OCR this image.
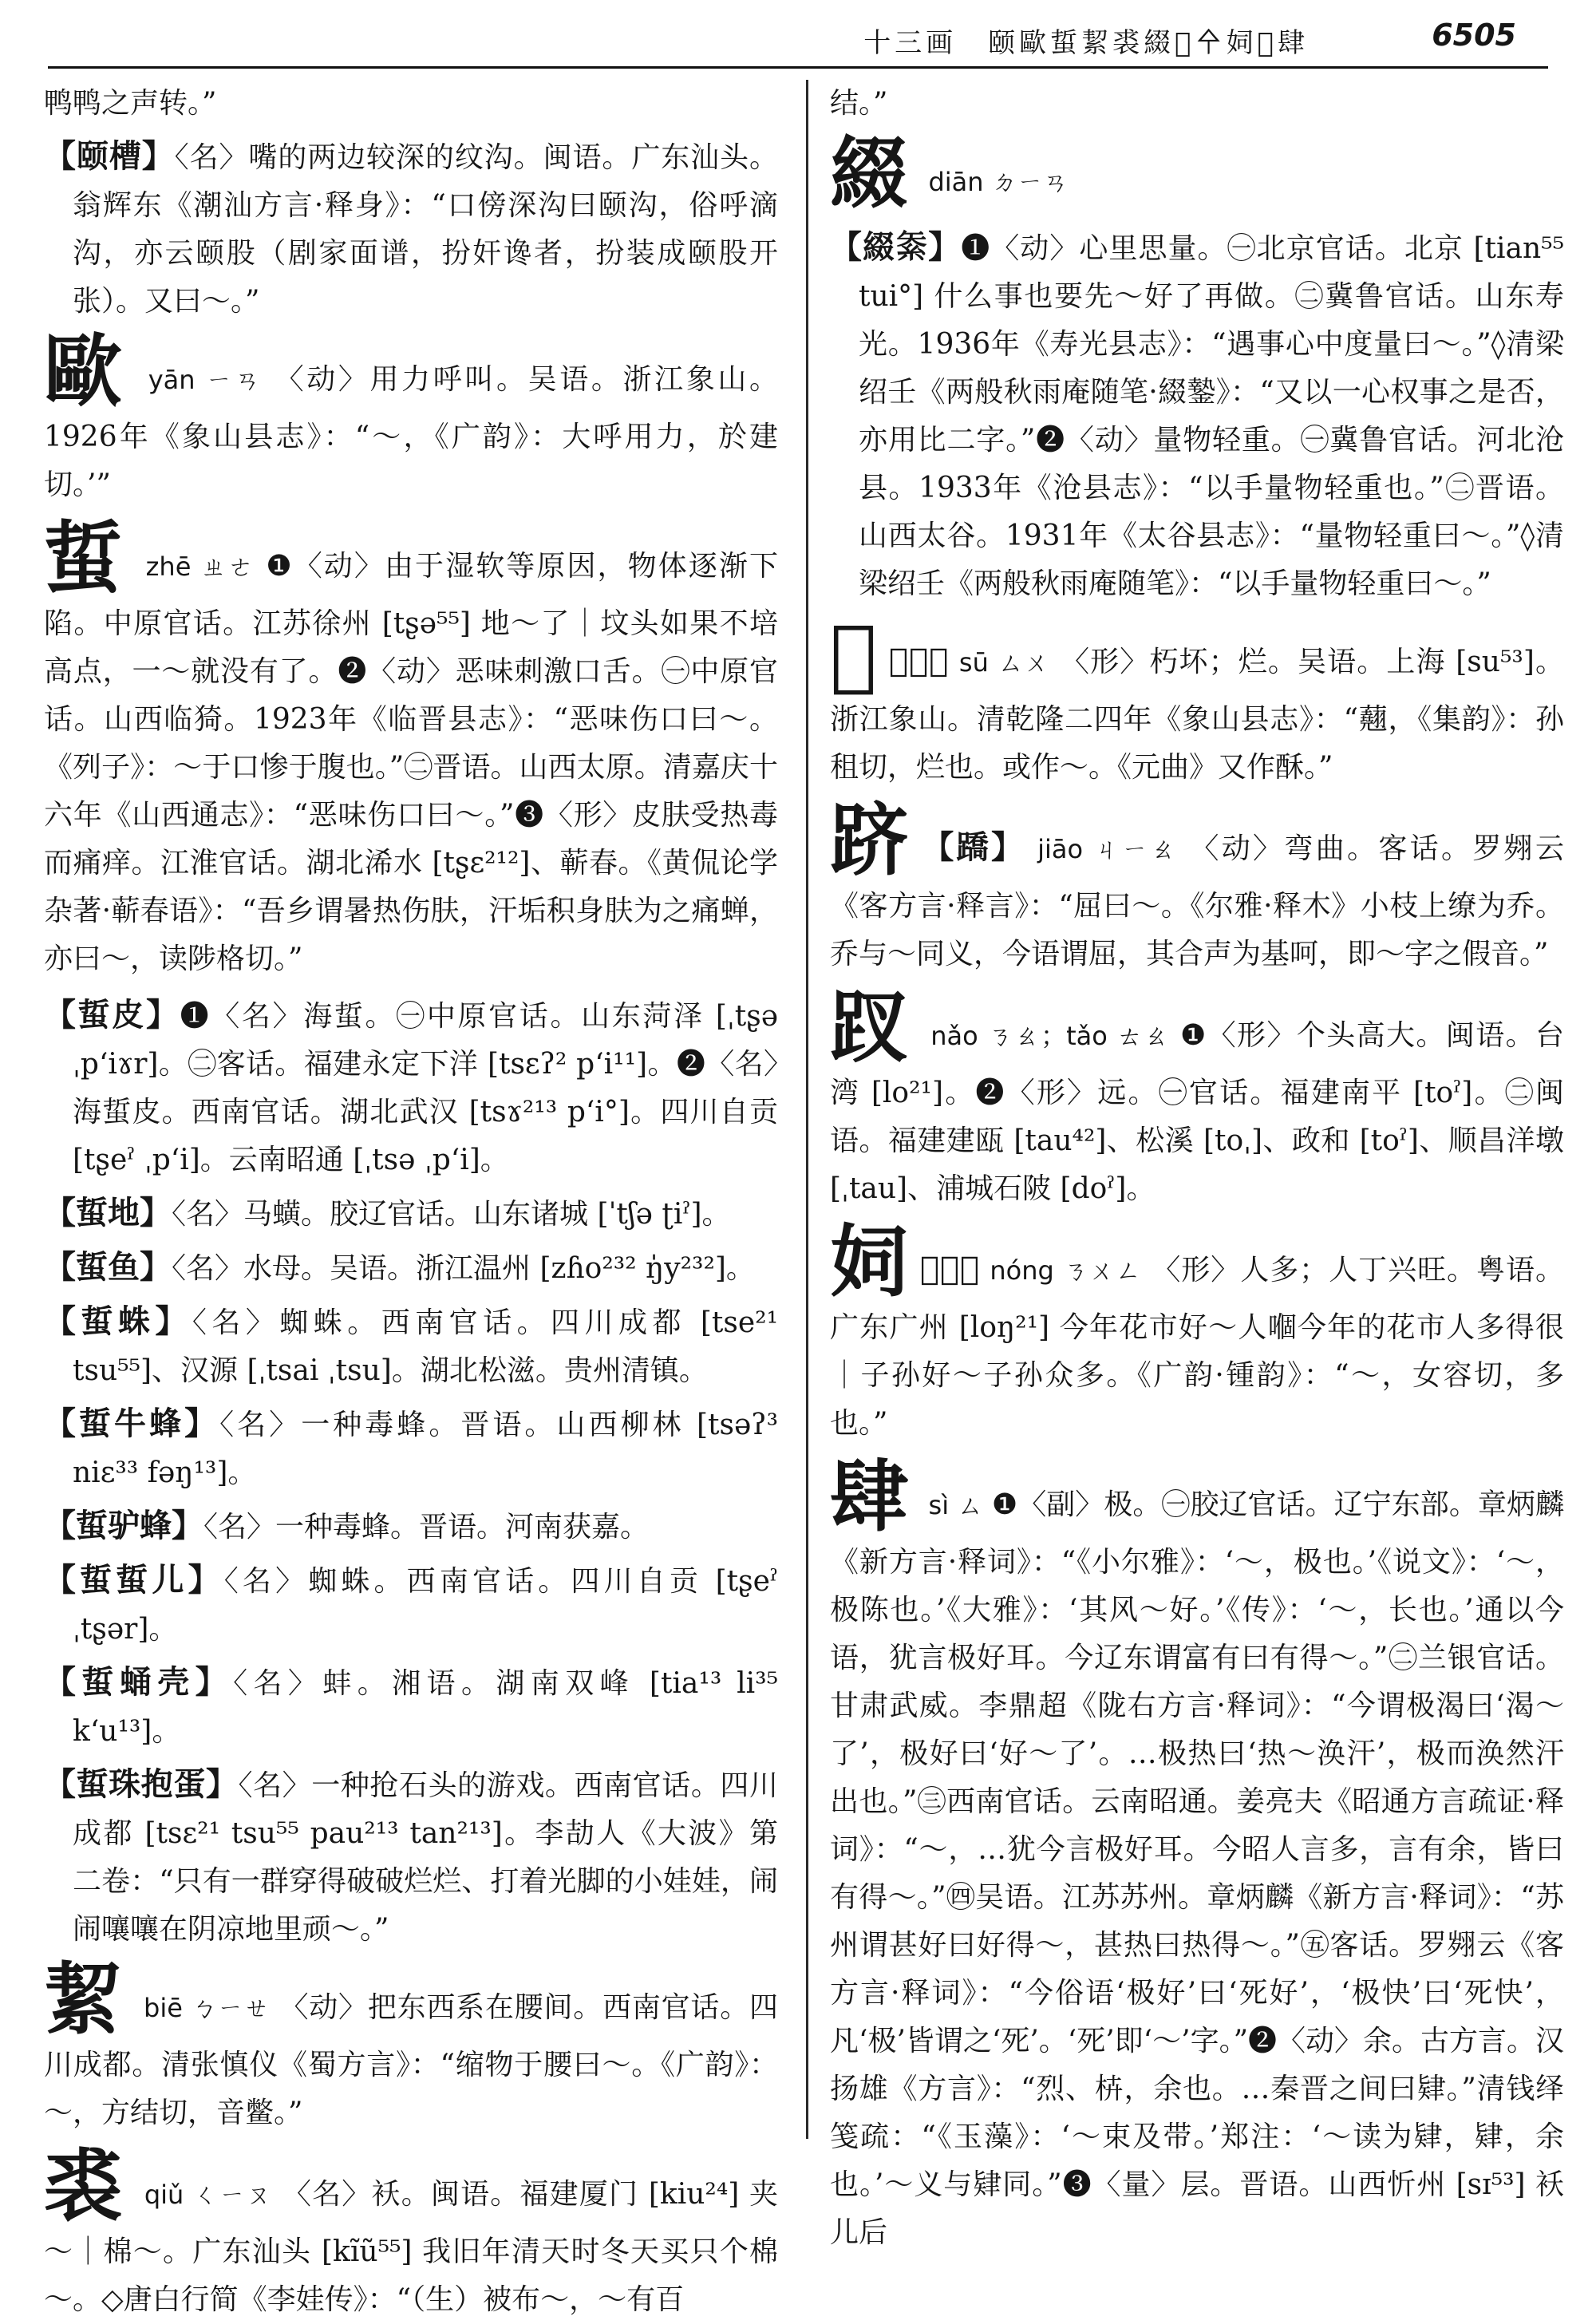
十三画　颐歐蜇絜裘綴𣳏㐃㚸𡌘肆	6505

鸭鸭之声转。”

【颐槽】〈名〉嘴的两边较深的纹沟。闽语。广东汕头。翁辉东《潮汕方言·释身》：“口傍深沟曰颐沟，俗呼滴沟，亦云颐股（剧家面谱，扮奸谗者，扮装成颐股开张）。又曰～。”

歐 yān ㄧㄢ 〈动〉用力呼叫。吴语。浙江象山。1926年《象山县志》：“～，《广韵》：大呼用力，於建切。’”

蜇 zhē ㄓㄜ ❶〈动〉由于湿软等原因，物体逐渐下陷。中原官话。江苏徐州 [tʂə⁵⁵] 地～了｜坟头如果不培高点，一～就没有了。❷〈动〉恶味刺激口舌。㊀中原官话。山西临猗。1923年《临晋县志》：“恶味伤口曰～。《列子》：～于口惨于腹也。”㊁晋语。山西太原。清嘉庆十六年《山西通志》：“恶味伤口曰～。”❸〈形〉皮肤受热毒而痛痒。江淮官话。湖北浠水 [tʂɛ²¹²]、蕲春。《黄侃论学杂著·蕲春语》：“吾乡谓暑热伤肤，汗垢积身肤为之痛蝉，亦曰～，读陟格切。”

【蜇皮】❶〈名〉海蜇。㊀中原官话。山东菏泽 [ˌtʂə ˌpʻiɤr]。㊁客话。福建永定下洋 [tsɛʔ² pʻi¹¹]。❷〈名〉海蜇皮。西南官话。湖北武汉 [tsɤ²¹³ pʻi°]。四川自贡 [tʂeˀ ˌpʻi]。云南昭通 [ˌtsə ˌpʻi]。

【蜇地】〈名〉马蟥。胶辽官话。山东诸城 [ˈtʃə ʈiˀ]。

【蜇鱼】〈名〉水母。吴语。浙江温州 [zɦo²³² ŋ̍y²³²]。

【蜇蛛】〈名〉蜘蛛。西南官话。四川成都 [tse²¹ tsu⁵⁵]、汉源 [ˌtsai ˌtsu]。湖北松滋。贵州清镇。

【蜇牛蜂】〈名〉一种毒蜂。晋语。山西柳林 [tsəʔ³ niɛ³³ fəŋ¹³]。

【蜇驴蜂】〈名〉一种毒蜂。晋语。河南获嘉。

【蜇蜇儿】〈名〉蜘蛛。西南官话。四川自贡 [tʂeˀ ˌtʂər]。

【蜇蛹壳】〈名〉蚌。湘语。湖南双峰 [tia¹³ li³⁵ kʻu¹³]。

【蜇珠抱蛋】〈名〉一种抢石头的游戏。西南官话。四川成都 [tsɛ²¹ tsu⁵⁵ pau²¹³ tan²¹³]。李劼人《大波》第二卷：“只有一群穿得破破烂烂、打着光脚的小娃娃，闹闹嚷嚷在阴凉地里顽～。”

絜 biē ㄅㄧㄝ 〈动〉把东西系在腰间。西南官话。四川成都。清张慎仪《蜀方言》：“缩物于腰曰～。《广韵》：～，方结切，音鳖。”

裘 qiǔ ㄑㄧㄡ 〈名〉袄。闽语。福建厦门 [kiu²⁴] 夹～｜棉～。广东汕头 [kĩũ⁵⁵] 我旧年清天时冬天买只个棉～。◇唐白行简《李娃传》：“（生）被布～，～有百

结。”

綴 diān ㄉㄧㄢ

【綴𥿅】❶〈动〉心里思量。㊀北京官话。北京 [tian⁵⁵ tui°] 什么事也要先～好了再做。㊁冀鲁官话。山东寿光。1936年《寿光县志》：“遇事心中度量曰～。”◊清梁绍壬《两般秋雨庵随笔·綴䥍》：“又以一心权事之是否，亦用比二字。”❷〈动〉量物轻重。㊀冀鲁官话。河北沧县。1933年《沧县志》：“以手量物轻重也。”㊁晋语。山西太谷。1931年《太谷县志》：“量物轻重曰～。”◊清梁绍壬《两般秋雨庵随笔》：“以手量物轻重曰～。”

𣳏 【𣳏】 sū ㄙㄨ 〈形〉朽坏；烂。吴语。上海 [su⁵³]。浙江象山。清乾隆二四年《象山县志》：“𧄍，《集韵》：孙租切，烂也。或作～。《元曲》又作酥。”

跻 【蹻】 jiāo ㄐㄧㄠ 〈动〉弯曲。客话。罗翙云《客方言·释言》：“屈曰～。《尔雅·释木》小枝上缭为乔。乔与～同义，今语谓屈，其合声为基呵，即～字之假音。”

䟕 nǎo ㄋㄠ；tǎo ㄊㄠ ❶〈形〉个头高大。闽语。台湾 [lo²¹]。❷〈形〉远。㊀官话。福建南平 [toˀ]。㊁闽语。福建建瓯 [tau⁴²]、松溪 [toˌ]、政和 [toˀ]、顺昌洋墩 [ˌtau]、浦城石陂 [doˀ]。

㚸 【𡌘】 nóng ㄋㄨㄥ 〈形〉人多；人丁兴旺。粤语。广东广州 [loŋ²¹] 今年花市好～人嗰今年的花市人多得很｜子孙好～子孙众多。《广韵·锺韵》：“～，女容切，多也。”

肆 sì ㄙ ❶〈副〉极。㊀胶辽官话。辽宁东部。章炳麟《新方言·释词》：“《小尔雅》：‘～，极也。’《说文》：‘～，极陈也。’《大雅》：‘其风～好。’《传》：‘～，长也。’通以今语，犹言极好耳。今辽东谓富有曰有得～。”㊁兰银官话。甘肃武威。李鼎超《陇右方言·释词》：“今谓极渴曰‘渴～了’，极好曰‘好～了’。…极热曰‘热～涣汗’，极而涣然汗出也。”㊂西南官话。云南昭通。姜亮夫《昭通方言疏证·释词》：“～，…犹今言极好耳。今昭人言多，言有余，皆曰有得～。”㊃吴语。江苏苏州。章炳麟《新方言·释词》：“苏州谓甚好曰好得～，甚热曰热得～。”㊄客话。罗翙云《客方言·释词》：“今俗语‘极好’曰‘死好’，‘极快’曰‘死快’，凡‘极’皆谓之‘死’。‘死’即‘～’字。”❷〈动〉余。古方言。汉扬雄《方言》：“烈、枿，余也。…秦晋之间曰肄。”清钱绎笺疏：“《玉藻》：‘～束及带。’郑注：‘～读为肄，肄，余也。’～义与肄同。”❸〈量〉层。晋语。山西忻州 [sɪ⁵³] 袄儿后
